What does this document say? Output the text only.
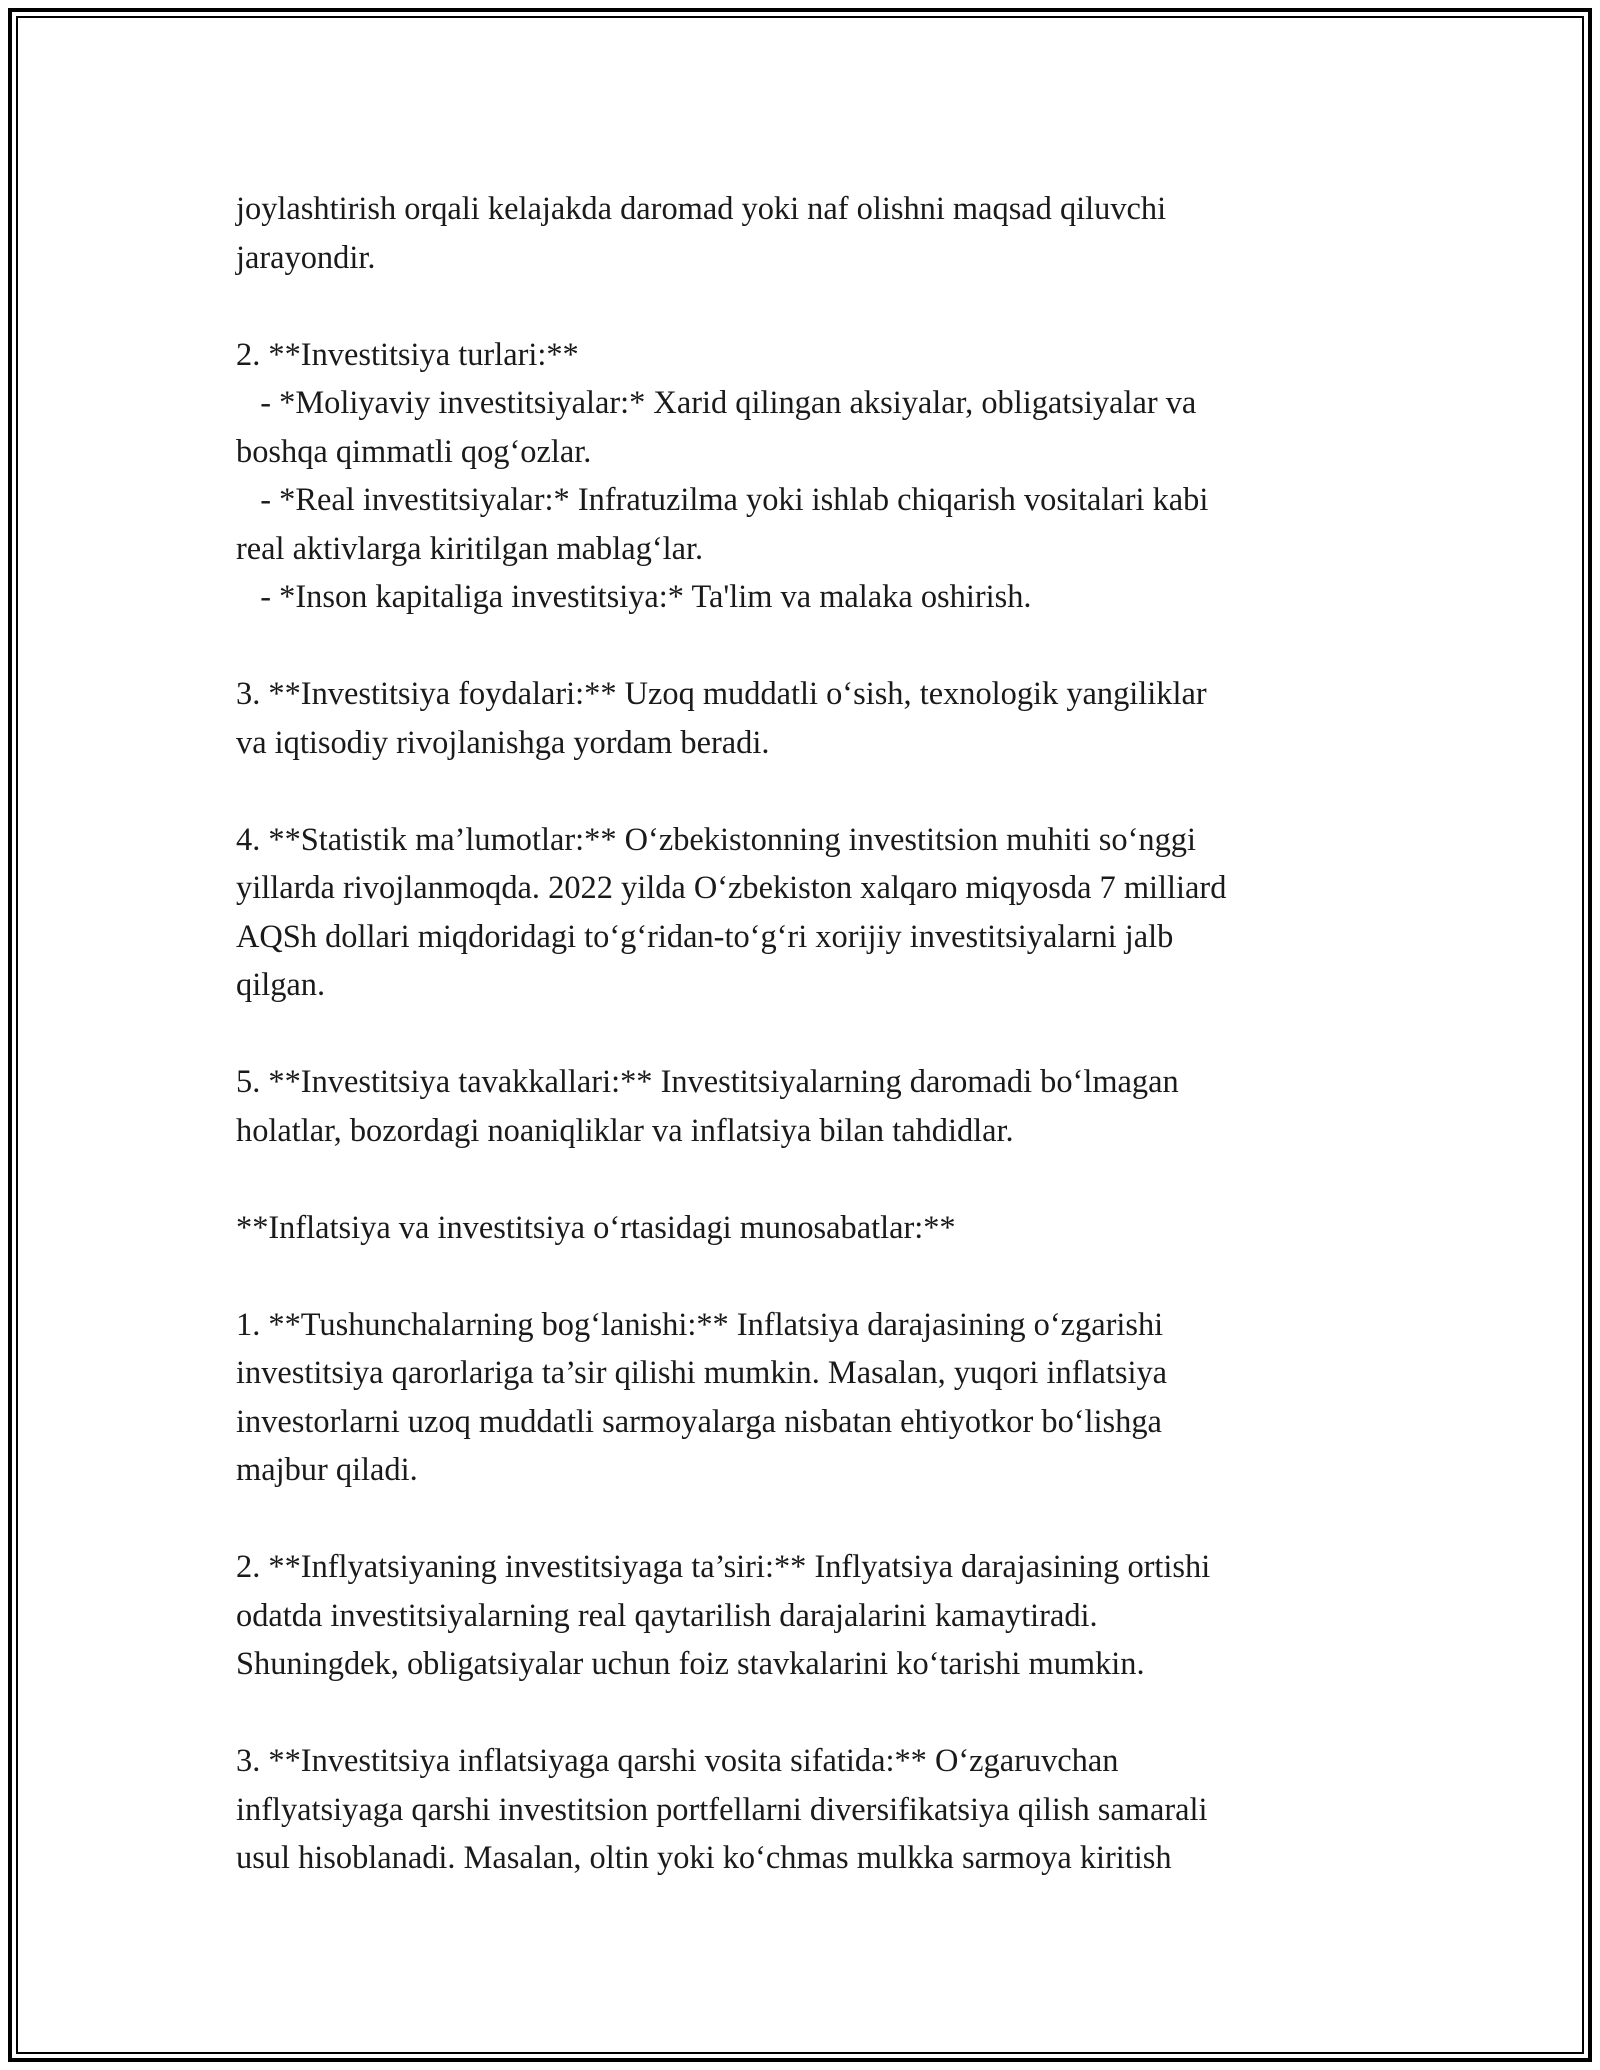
joylashtirish orqali kelajakda daromad yoki naf olishni maqsad qiluvchi
jarayondir.
2. **Investitsiya turlari:**
- *Moliyaviy investitsiyalar:* Xarid qilingan aksiyalar, obligatsiyalar va
boshqa qimmatli qog‘ozlar.
- *Real investitsiyalar:* Infratuzilma yoki ishlab chiqarish vositalari kabi
real aktivlarga kiritilgan mablag‘lar.
- *Inson kapitaliga investitsiya:* Ta'lim va malaka oshirish.
3. **Investitsiya foydalari:** Uzoq muddatli o‘sish, texnologik yangiliklar
va iqtisodiy rivojlanishga yordam beradi.
4. **Statistik ma’lumotlar:** O‘zbekistonning investitsion muhiti so‘nggi
yillarda rivojlanmoqda. 2022 yilda O‘zbekiston xalqaro miqyosda 7 milliard
AQSh dollari miqdoridagi to‘g‘ridan-to‘g‘ri xorijiy investitsiyalarni jalb
qilgan.
5. **Investitsiya tavakkallari:** Investitsiyalarning daromadi bo‘lmagan
holatlar, bozordagi noaniqliklar va inflatsiya bilan tahdidlar.
**Inflatsiya va investitsiya o‘rtasidagi munosabatlar:**
1. **Tushunchalarning bog‘lanishi:** Inflatsiya darajasining o‘zgarishi
investitsiya qarorlariga ta’sir qilishi mumkin. Masalan, yuqori inflatsiya
investorlarni uzoq muddatli sarmoyalarga nisbatan ehtiyotkor bo‘lishga
majbur qiladi.
2. **Inflyatsiyaning investitsiyaga ta’siri:** Inflyatsiya darajasining ortishi
odatda investitsiyalarning real qaytarilish darajalarini kamaytiradi.
Shuningdek, obligatsiyalar uchun foiz stavkalarini ko‘tarishi mumkin.
3. **Investitsiya inflatsiyaga qarshi vosita sifatida:** O‘zgaruvchan
inflyatsiyaga qarshi investitsion portfellarni diversifikatsiya qilish samarali
usul hisoblanadi. Masalan, oltin yoki ko‘chmas mulkka sarmoya kiritish
